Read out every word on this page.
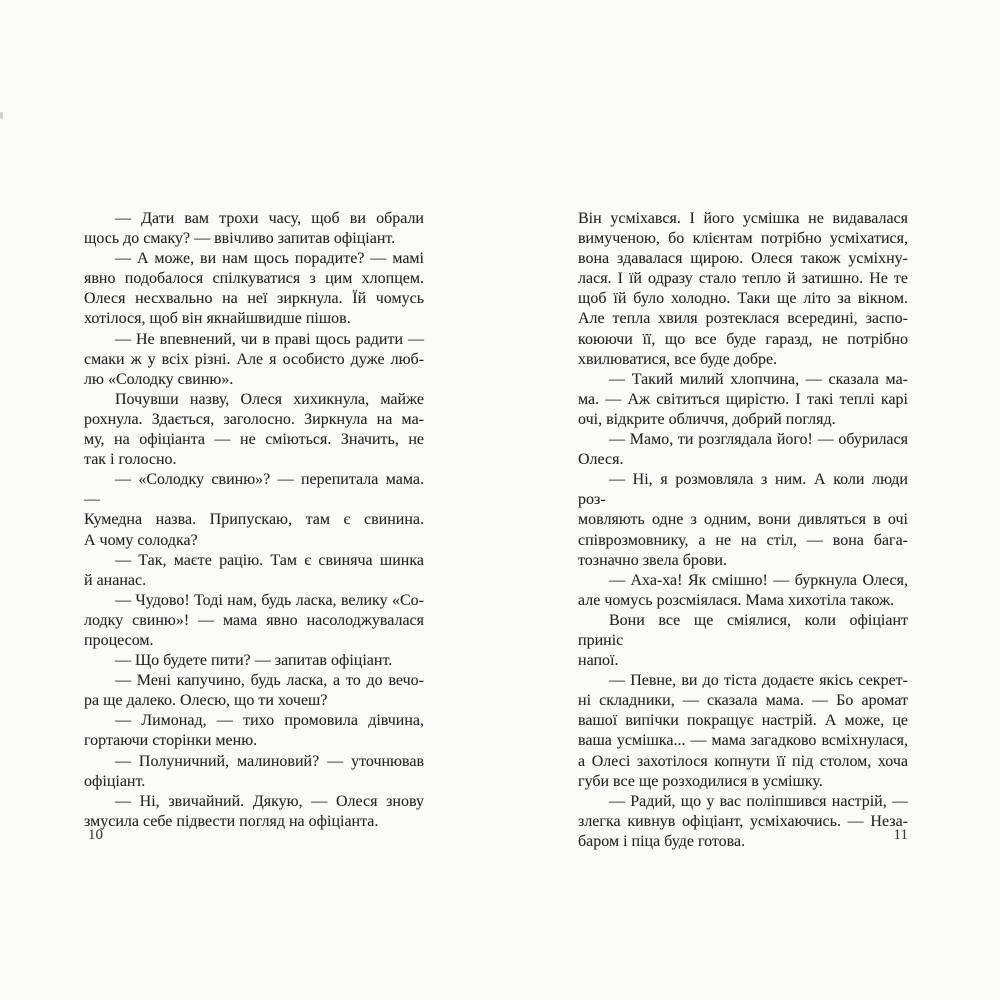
— Дати вам трохи часу, щоб ви обрали
щось до смаку? — ввічливо запитав офіціант.
— А може, ви нам щось порадите? — мамі
явно подобалося спілкуватися з цим хлопцем.
Олеся несхвально на неї зиркнула. Їй чомусь
хотілося, щоб він якнайшвидше пішов.
— Не впевнений, чи в праві щось радити —
смаки ж у всіх різні. Але я особисто дуже люб-
лю «Солодку свиню».
Почувши назву, Олеся хихикнула, майже
рохнула. Здається, заголосно. Зиркнула на ма-
му, на офіціанта — не сміються. Значить, не
так і голосно.
— «Солодку свиню»? — перепитала мама. —
Кумедна назва. Припускаю, там є свинина.
А чому солодка?
— Так, маєте рацію. Там є свиняча шинка
й ананас.
— Чудово! Тоді нам, будь ласка, велику «Со-
лодку свиню»! — мама явно насолоджувалася
процесом.
— Що будете пити? — запитав офіціант.
— Мені капучино, будь ласка, а то до вечо-
ра ще далеко. Олесю, що ти хочеш?
— Лимонад, — тихо промовила дівчина,
гортаючи сторінки меню.
— Полуничний, малиновий? — уточнював
офіціант.
— Ні, звичайний. Дякую, — Олеся знову
змусила себе підвести погляд на офіціанта.
Він усміхався. І його усмішка не видавалася
вимученою, бо клієнтам потрібно усміхатися,
вона здавалася щирою. Олеся також усміхну-
лася. І їй одразу стало тепло й затишно. Не те
щоб їй було холодно. Таки ще літо за вікном.
Але тепла хвиля розтеклася всередині, заспо-
коюючи її, що все буде гаразд, не потрібно
хвилюватися, все буде добре.
— Такий милий хлопчина, — сказала ма-
ма. — Аж світиться щирістю. І такі теплі карі
очі, відкрите обличчя, добрий погляд.
— Мамо, ти розглядала його! — обурилася
Олеся.
— Ні, я розмовляла з ним. А коли люди роз-
мовляють одне з одним, вони дивляться в очі
співрозмовнику, а не на стіл, — вона бага-
тозначно звела брови.
— Аха-ха! Як смішно! — буркнула Олеся,
але чомусь розсміялася. Мама хихотіла також.
Вони все ще сміялися, коли офіціант приніс
напої.
— Певне, ви до тіста додаєте якісь секрет-
ні складники, — сказала мама. — Бо аромат
вашої випічки покращує настрій. А може, це
ваша усмішка... — мама загадково всміхнулася,
а Олесі захотілося копнути її під столом, хоча
губи все ще розходилися в усмішку.
— Радий, що у вас поліпшився настрій, —
злегка кивнув офіціант, усміхаючись. — Неза-
баром і піца буде готова.
10	11
